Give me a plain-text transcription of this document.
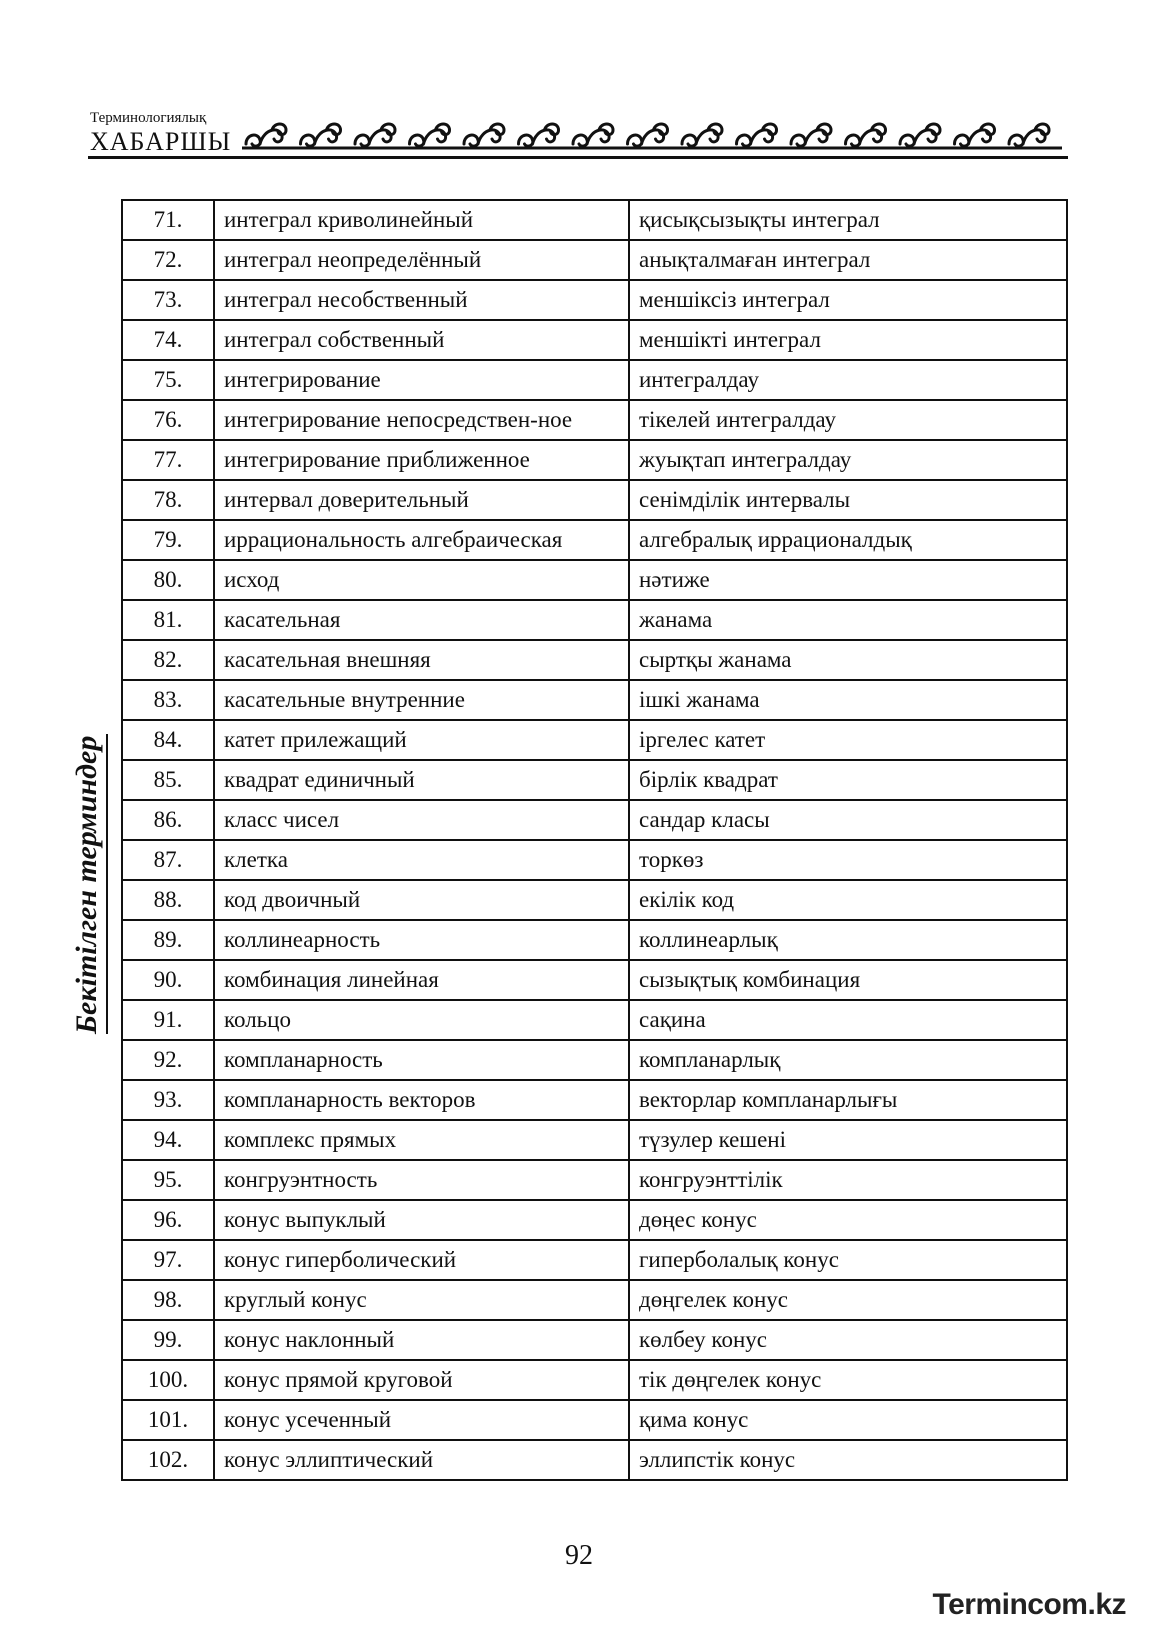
Терминологиялық
ХАБАРШЫ
Бекітілген терминдер
71.	интеграл криволинейный	қисықсызықты интеграл
72.	интеграл неопределённый	анықталмаған интеграл
73.	интеграл несобственный	меншіксіз интеграл
74.	интеграл собственный	меншікті интеграл
75.	интегрирование	интегралдау
76.	интегрирование непосредствен-ное	тікелей интегралдау
77.	интегрирование приближенное	жуықтап интегралдау
78.	интервал доверительный	сенімділік интервалы
79.	иррациональность алгебраическая	алгебралық иррационалдық
80.	исход	нәтиже
81.	касательная	жанама
82.	касательная внешняя	сыртқы жанама
83.	касательные внутренние	ішкі жанама
84.	катет прилежащий	іргелес катет
85.	квадрат единичный	бірлік квадрат
86.	класс чисел	сандар класы
87.	клетка	торкөз
88.	код двоичный	екілік код
89.	коллинеарность	коллинеарлық
90.	комбинация линейная	сызықтық комбинация
91.	кольцо	сақина
92.	компланарность	компланарлық
93.	компланарность векторов	векторлар компланарлығы
94.	комплекс прямых	түзулер кешені
95.	конгруэнтность	конгруэнттілік
96.	конус выпуклый	дөңес конус
97.	конус гиперболический	гиперболалық конус
98.	круглый конус	дөңгелек конус
99.	конус наклонный	көлбеу конус
100.	конус прямой круговой	тік дөңгелек конус
101.	конус усеченный	қима конус
102.	конус эллиптический	эллипстік конус
92
Termincom.kz
